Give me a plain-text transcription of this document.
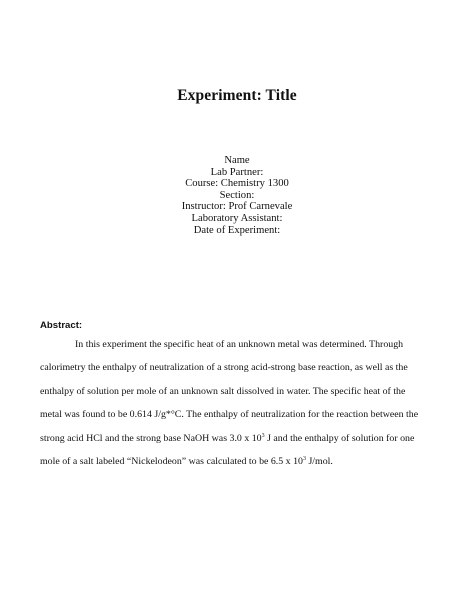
Experiment: Title
Name
Lab Partner:
Course: Chemistry 1300
Section:
Instructor: Prof Carnevale
Laboratory Assistant:
Date of Experiment:
Abstract:
In this experiment the specific heat of an unknown metal was determined. Through
calorimetry the enthalpy of neutralization of a strong acid-strong base reaction, as well as the
enthalpy of solution per mole of an unknown salt dissolved in water. The specific heat of the
metal was found to be 0.614 J/g*°C. The enthalpy of neutralization for the reaction between the
strong acid HCl and the strong base NaOH was 3.0 x $10^3$ J and the enthalpy of solution for one
mole of a salt labeled “Nickelodeon” was calculated to be 6.5 x $10^3$ J/mol.
